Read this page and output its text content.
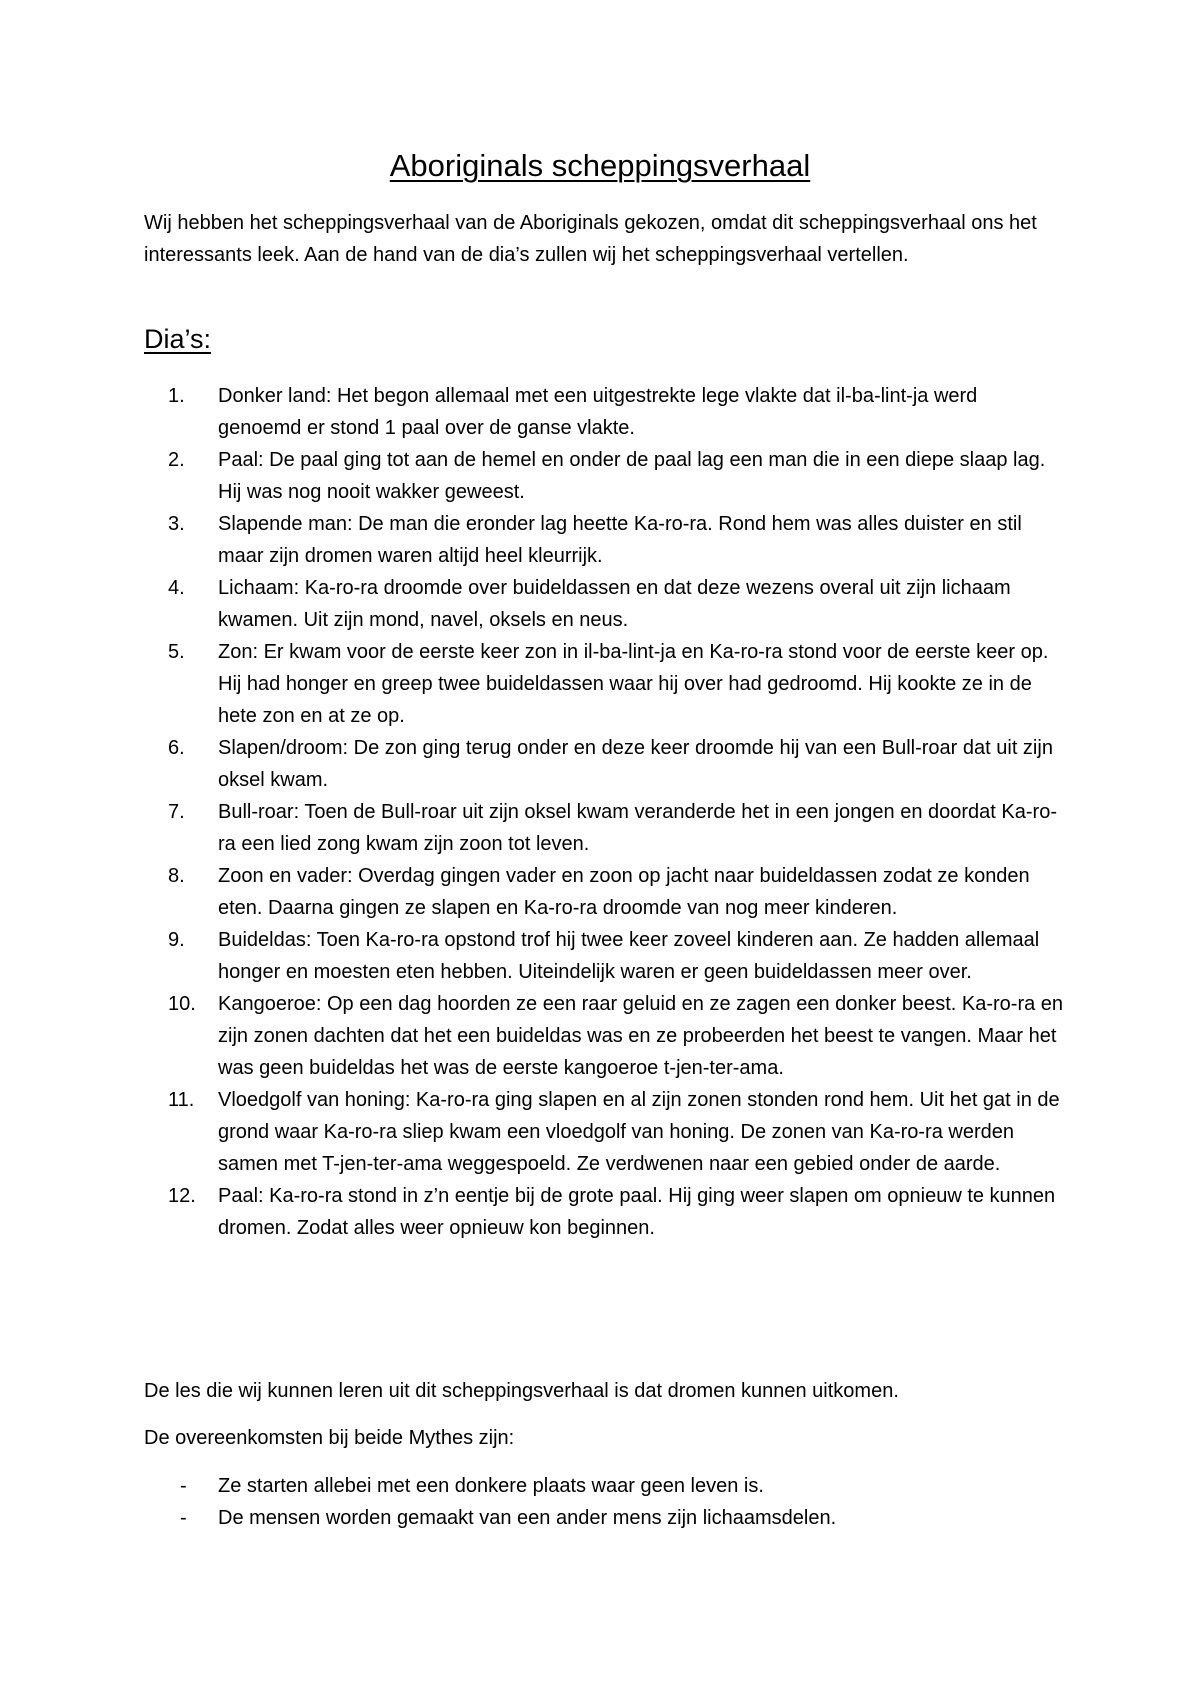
Aboriginals scheppingsverhaal

Wij hebben het scheppingsverhaal van de Aboriginals gekozen, omdat dit scheppingsverhaal ons het interessants leek. Aan de hand van de dia’s zullen wij het scheppingsverhaal vertellen.

Dia’s:
1. Donker land: Het begon allemaal met een uitgestrekte lege vlakte dat il-ba-lint-ja werd genoemd er stond 1 paal over de ganse vlakte.
2. Paal: De paal ging tot aan de hemel en onder de paal lag een man die in een diepe slaap lag. Hij was nog nooit wakker geweest.
3. Slapende man: De man die eronder lag heette Ka-ro-ra. Rond hem was alles duister en stil maar zijn dromen waren altijd heel kleurrijk.
4. Lichaam: Ka-ro-ra droomde over buideldassen en dat deze wezens overal uit zijn lichaam kwamen. Uit zijn mond, navel, oksels en neus.
5. Zon: Er kwam voor de eerste keer zon in il-ba-lint-ja en Ka-ro-ra stond voor de eerste keer op. Hij had honger en greep twee buideldassen waar hij over had gedroomd. Hij kookte ze in de hete zon en at ze op.
6. Slapen/droom: De zon ging terug onder en deze keer droomde hij van een Bull-roar dat uit zijn oksel kwam.
7. Bull-roar: Toen de Bull-roar uit zijn oksel kwam veranderde het in een jongen en doordat Ka-ro-ra een lied zong kwam zijn zoon tot leven.
8. Zoon en vader: Overdag gingen vader en zoon op jacht naar buideldassen zodat ze konden eten. Daarna gingen ze slapen en Ka-ro-ra droomde van nog meer kinderen.
9. Buideldas: Toen Ka-ro-ra opstond trof hij twee keer zoveel kinderen aan. Ze hadden allemaal honger en moesten eten hebben. Uiteindelijk waren er geen buideldassen meer over.
10. Kangoeroe: Op een dag hoorden ze een raar geluid en ze zagen een donker beest. Ka-ro-ra en zijn zonen dachten dat het een buideldas was en ze probeerden het beest te vangen. Maar het was geen buideldas het was de eerste kangoeroe t-jen-ter-ama.
11. Vloedgolf van honing: Ka-ro-ra ging slapen en al zijn zonen stonden rond hem. Uit het gat in de grond waar Ka-ro-ra sliep kwam een vloedgolf van honing. De zonen van Ka-ro-ra werden samen met T-jen-ter-ama weggespoeld. Ze verdwenen naar een gebied onder de aarde.
12. Paal: Ka-ro-ra stond in z’n eentje bij de grote paal. Hij ging weer slapen om opnieuw te kunnen dromen. Zodat alles weer opnieuw kon beginnen.

De les die wij kunnen leren uit dit scheppingsverhaal is dat dromen kunnen uitkomen.

De overeenkomsten bij beide Mythes zijn:

- Ze starten allebei met een donkere plaats waar geen leven is.
- De mensen worden gemaakt van een ander mens zijn lichaamsdelen.
